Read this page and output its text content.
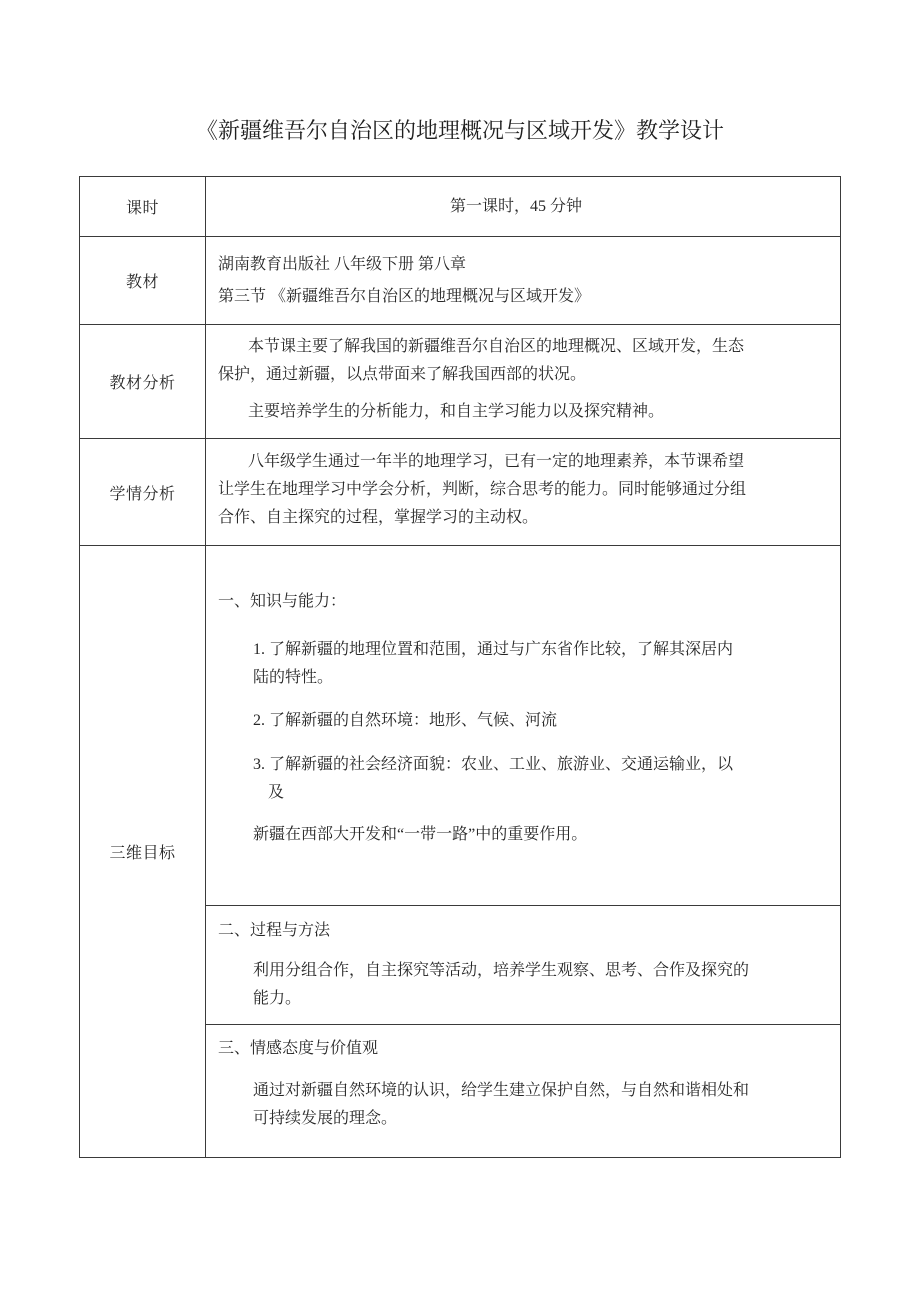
《新疆维吾尔自治区的地理概况与区域开发》教学设计
课时	第一课时，45 分钟
教材
湖南教育出版社 八年级下册 第八章
第三节 《新疆维吾尔自治区的地理概况与区域开发》
教材分析
本节课主要了解我国的新疆维吾尔自治区的地理概况、区域开发，生态
保护，通过新疆，以点带面来了解我国西部的状况。
主要培养学生的分析能力，和自主学习能力以及探究精神。
学情分析
八年级学生通过一年半的地理学习，已有一定的地理素养，本节课希望
让学生在地理学习中学会分析，判断，综合思考的能力。同时能够通过分组
合作、自主探究的过程，掌握学习的主动权。
三维目标
一、知识与能力：
1. 了解新疆的地理位置和范围，通过与广东省作比较，了解其深居内
陆的特性。
2. 了解新疆的自然环境：地形、气候、河流
3. 了解新疆的社会经济面貌：农业、工业、旅游业、交通运输业，以
及
新疆在西部大开发和“一带一路”中的重要作用。
二、过程与方法
利用分组合作，自主探究等活动，培养学生观察、思考、合作及探究的
能力。
三、情感态度与价值观
通过对新疆自然环境的认识，给学生建立保护自然，与自然和谐相处和
可持续发展的理念。
